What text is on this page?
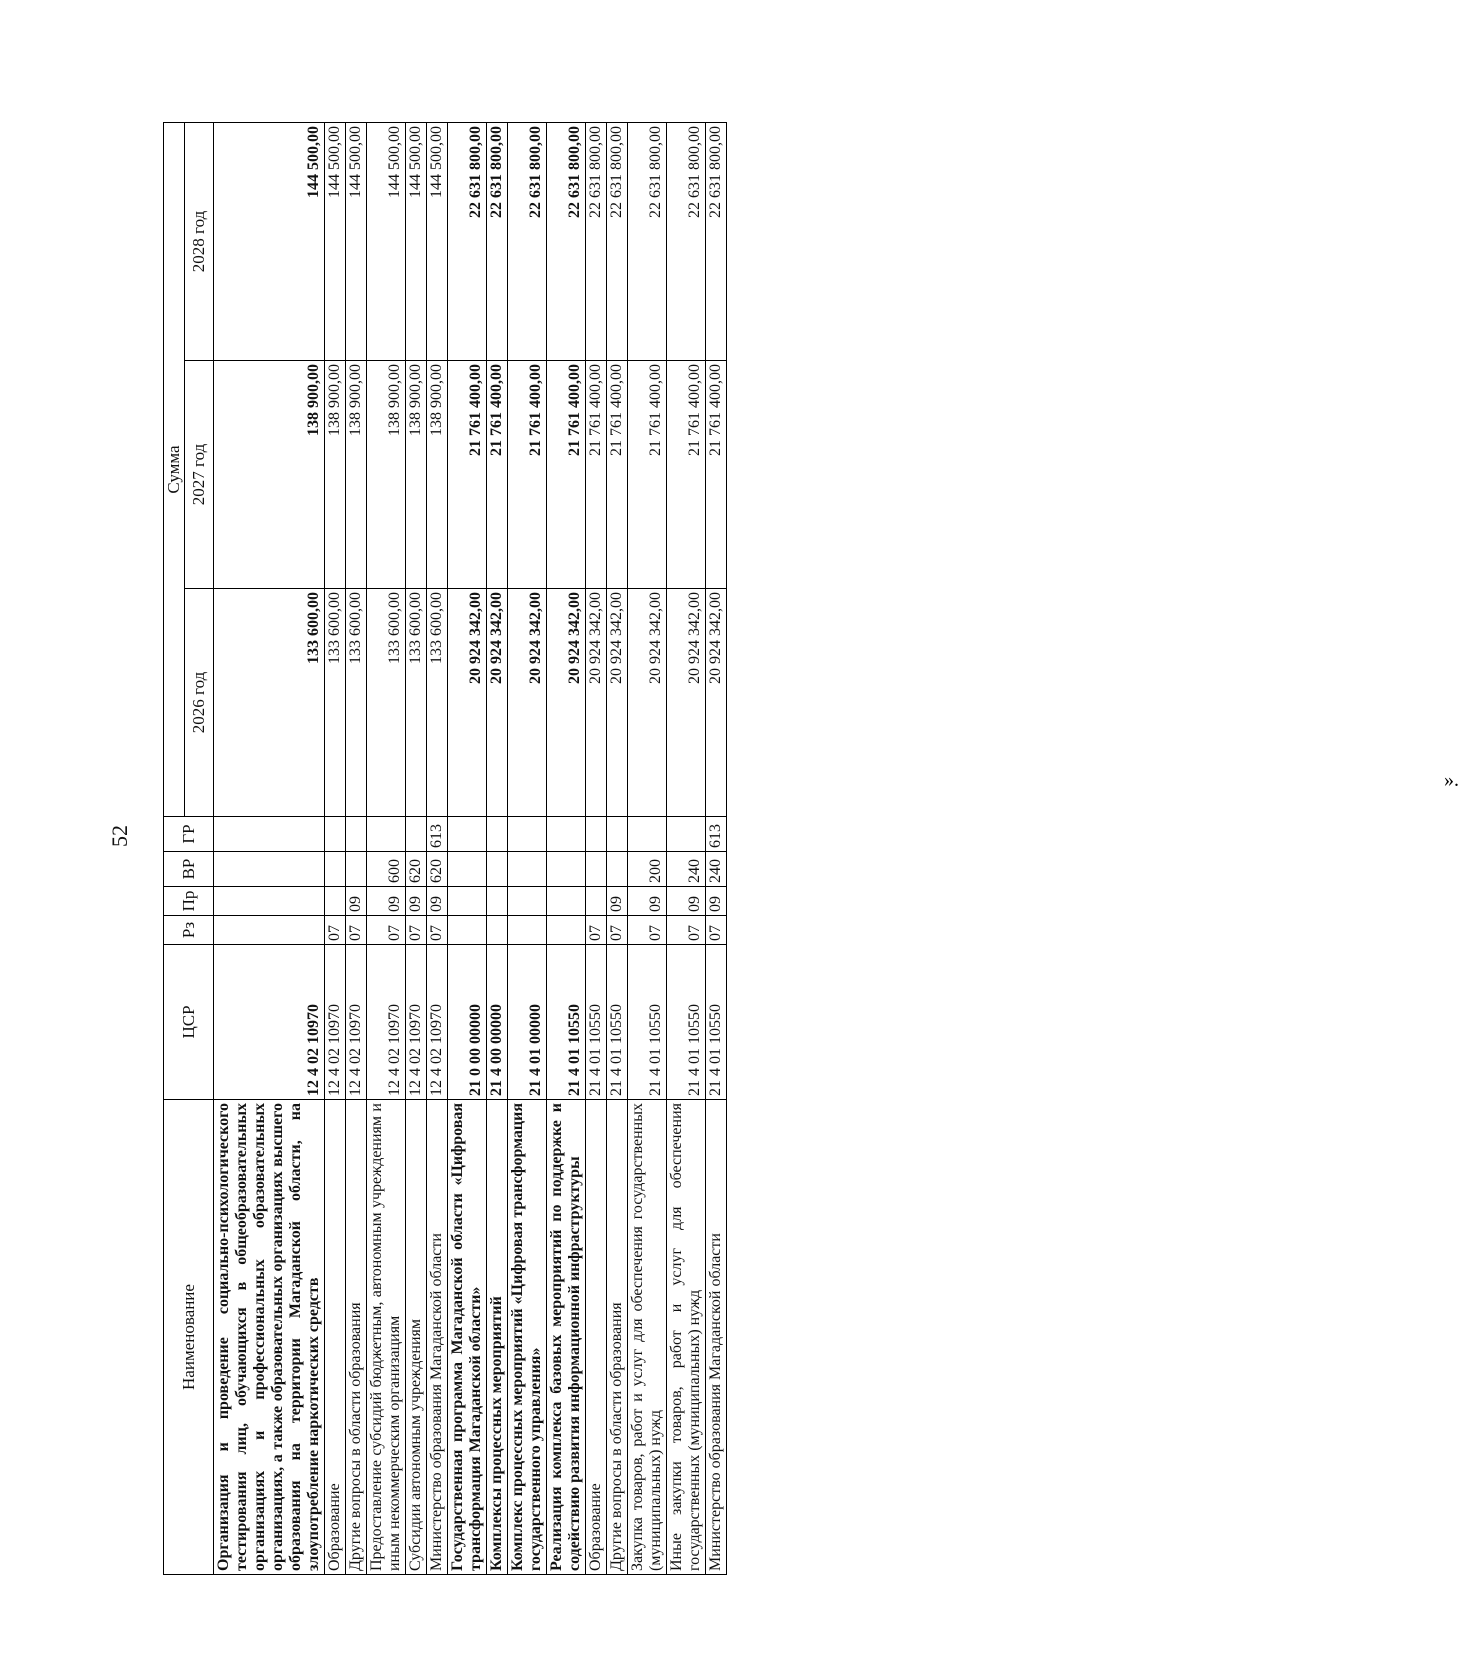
52
Наименование	ЦСР	Рз	Пр	ВР	ГР	Сумма		
						2026 год	2027 год	2028 год
Организация и проведение социально-психологического тестирования лиц, обучающихся в общеобразовательных организациях и профессиональных образовательных организациях, а также образовательных организациях высшего образования на территории Магаданской области, на злоупотребление наркотических средств	12 4 02 10970					133 600,00	138 900,00	144 500,00
Образование	12 4 02 10970	07				133 600,00	138 900,00	144 500,00
Другие вопросы в области образования	12 4 02 10970	07	09			133 600,00	138 900,00	144 500,00
Предоставление субсидий бюджетным, автономным учреждениям и иным некоммерческим организациям	12 4 02 10970	07	09	600		133 600,00	138 900,00	144 500,00
Субсидии автономным учреждениям	12 4 02 10970	07	09	620		133 600,00	138 900,00	144 500,00
Министерство образования Магаданской области	12 4 02 10970	07	09	620	613	133 600,00	138 900,00	144 500,00
Государственная программа Магаданской области «Цифровая трансформация Магаданской области»	21 0 00 00000					20 924 342,00	21 761 400,00	22 631 800,00
Комплексы процессных мероприятий	21 4 00 00000					20 924 342,00	21 761 400,00	22 631 800,00
Комплекс процессных мероприятий «Цифровая трансформация государственного управления»	21 4 01 00000					20 924 342,00	21 761 400,00	22 631 800,00
Реализация комплекса базовых мероприятий по поддержке и содействию развития информационной инфраструктуры	21 4 01 10550					20 924 342,00	21 761 400,00	22 631 800,00
Образование	21 4 01 10550	07				20 924 342,00	21 761 400,00	22 631 800,00
Другие вопросы в области образования	21 4 01 10550	07	09			20 924 342,00	21 761 400,00	22 631 800,00
Закупка товаров, работ и услуг для обеспечения государственных (муниципальных) нужд	21 4 01 10550	07	09	200		20 924 342,00	21 761 400,00	22 631 800,00
Иные закупки товаров, работ и услуг для обеспечения государственных (муниципальных) нужд	21 4 01 10550	07	09	240		20 924 342,00	21 761 400,00	22 631 800,00
Министерство образования Магаданской области	21 4 01 10550	07	09	240	613	20 924 342,00	21 761 400,00	22 631 800,00
».
